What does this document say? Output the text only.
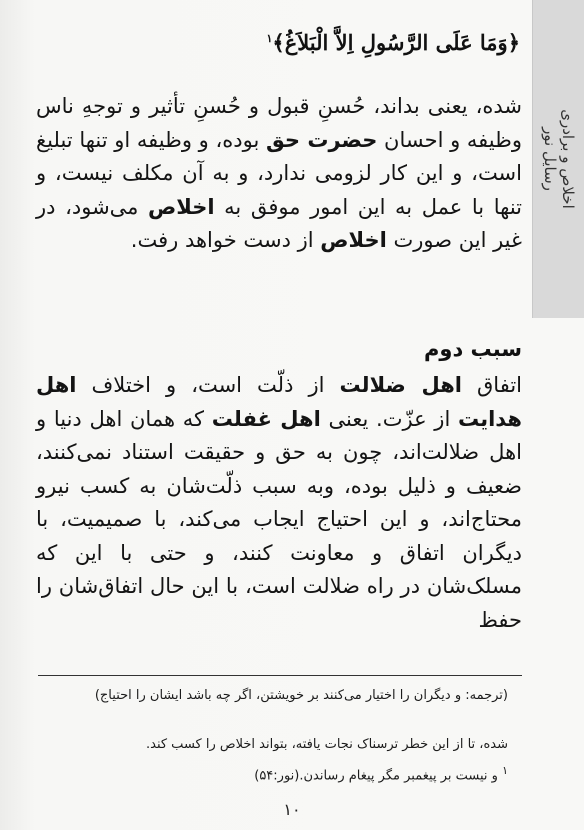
اخلاص و برادری
رسایل نور
﴿وَمَا عَلَى الرَّسُولِ اِلاَّ الْبَلاَغُ﴾$^١$
شده، یعنی بداند، حُسنِ قبول و حُسنِ تأثیر و توجهِ ناس وظیفه و احسان حضرت حق بوده، و وظیفه او تنها تبلیغ است، و این کار لزومی ندارد، و به آن مکلف نیست، و تنها با عمل به این امور موفق به اخلاص می‌شود، در غیر این صورت اخلاص از دست خواهد رفت.
سبب دوم
اتفاق اهل ضلالت از ذلّت است، و اختلاف اهل هدایت از عزّت. یعنی اهل غفلت که همان اهل دنیا و اهل ضلالت‌اند، چون به حق و حقیقت استناد نمی‌کنند، ضعیف و ذلیل بوده، وبه سبب ذلّت‌شان به کسب نیرو محتاج‌اند، و این احتیاج ایجاب می‌کند، با صمیمیت، با دیگران اتفاق و معاونت کنند، و حتی با این که مسلک‌شان در راه ضلالت است، با این حال اتفاق‌شان را حفظ
(ترجمه: و دیگران را اختیار می‌کنند بر خویشتن، اگر چه باشد ایشان را احتیاج)
شده، تا از این خطر ترسناک نجات یافته، بتواند اخلاص را کسب کند.
$^١$ و نیست بر پیغمبر مگر پیغام رساندن.(نور:۵۴)
١٠
